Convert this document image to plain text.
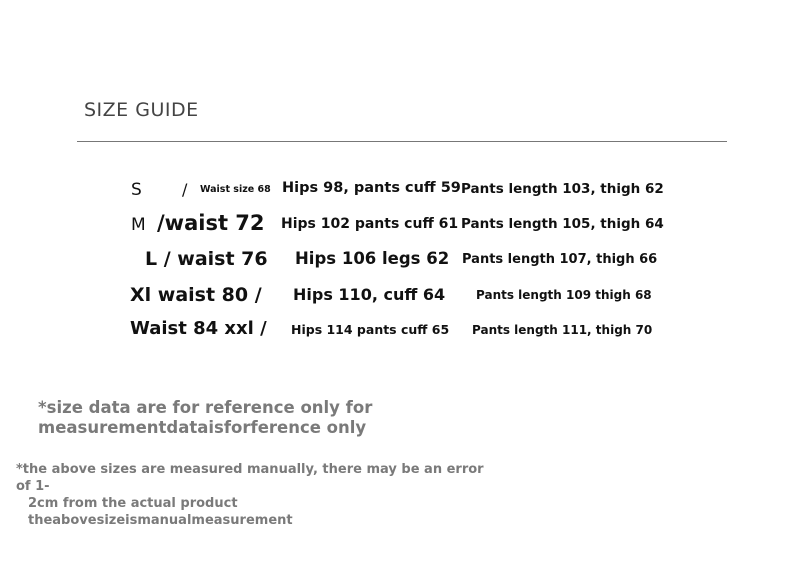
SIZE GUIDE
S	/ Waist size 68 Hips 98, pants cuff 59 Pants length 103, thigh 62
M /waist 72 Hips 102 pants cuff 61 Pants length 105, thigh 64
L / waist 76 Hips 106 legs 62 Pants length 107, thigh 66
Xl waist 80 / Hips 110, cuff 64	Pants length 109 thigh 68
Waist 84 xxl / Hips 114 pants cuff 65 Pants length 111, thigh 70
*size data are for reference only for measurementdataisforference only
*the above sizes are measured manually, there may be an error of 1-
2cm from the actual product theabovesizeismanualmeasurement
